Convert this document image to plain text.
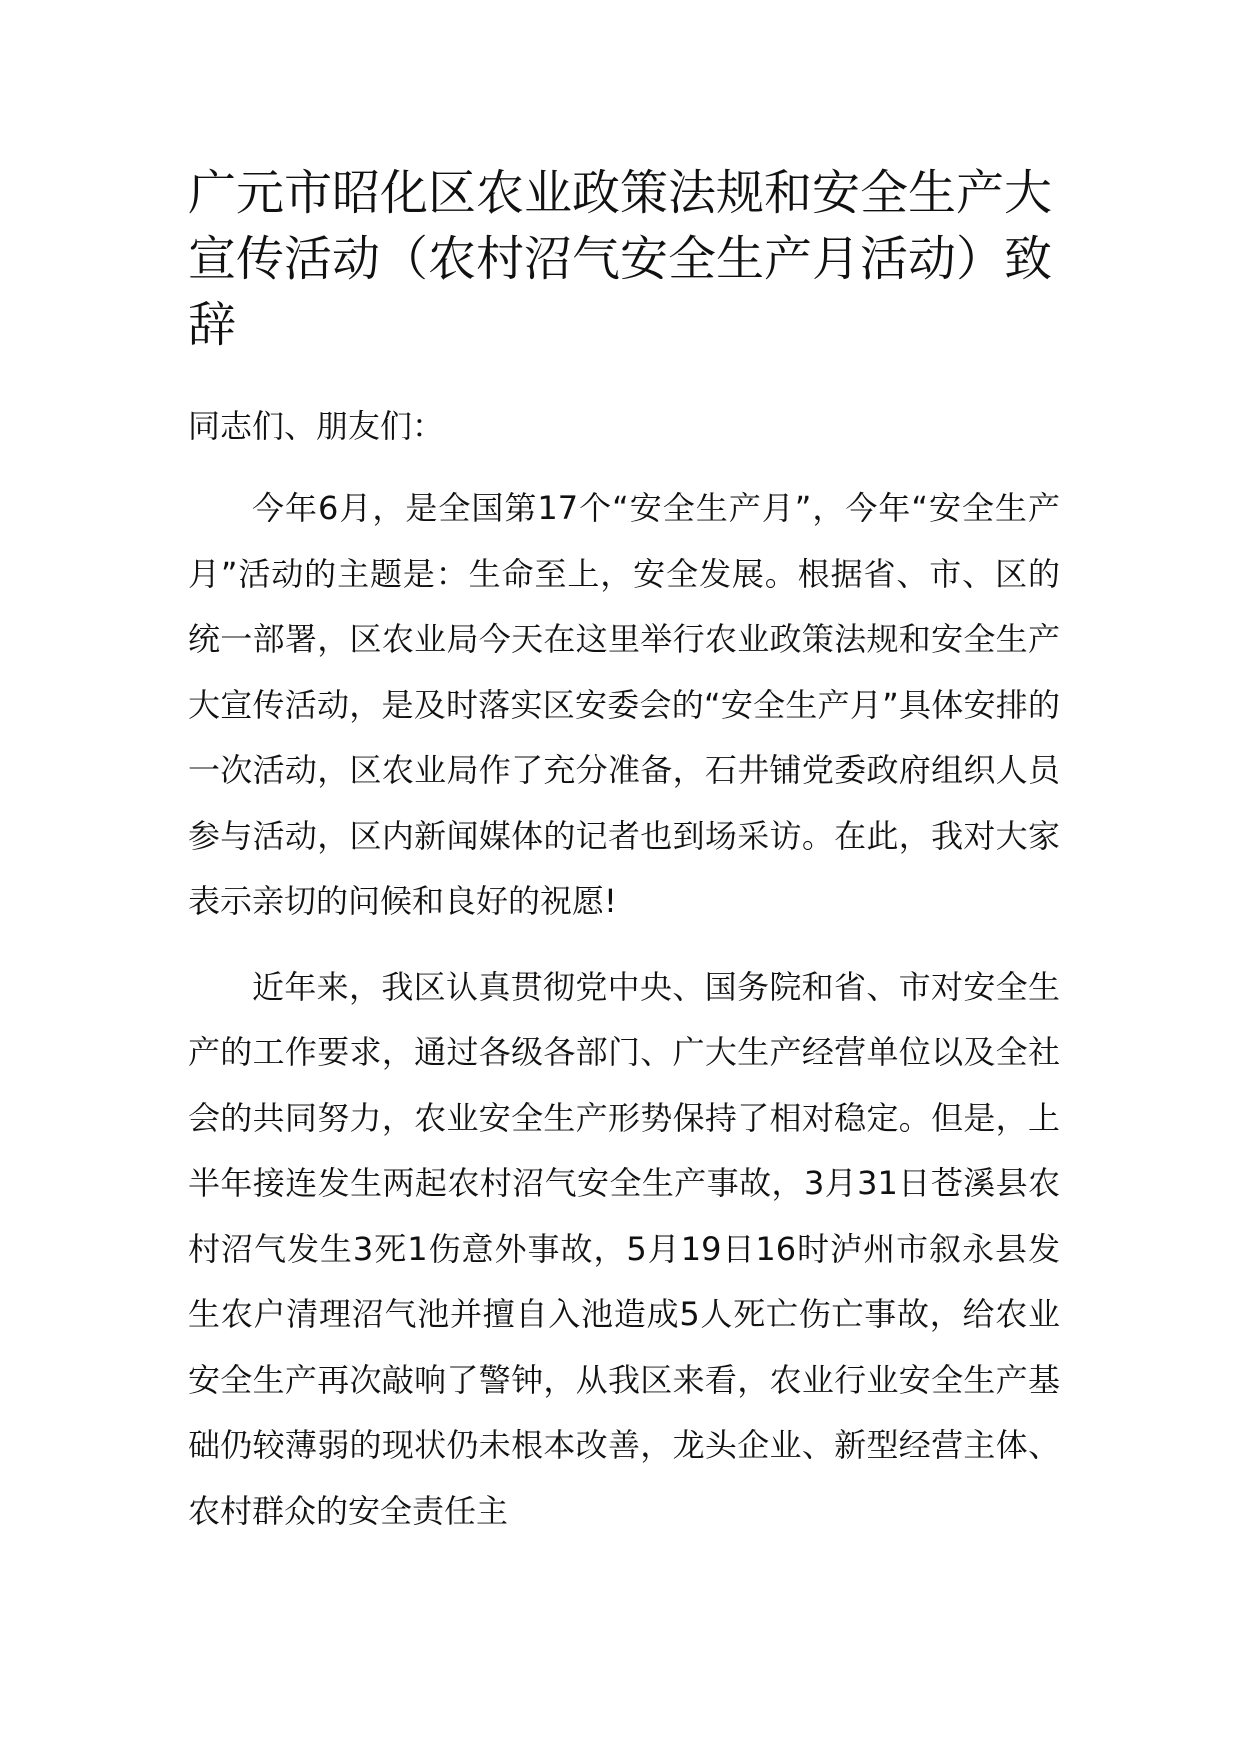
广元市昭化区农业政策法规和安全生产大宣传活动（农村沼气安全生产月活动）致辞

同志们、朋友们：

今年6月，是全国第17个“安全生产月”，今年“安全生产月”活动的主题是：生命至上，安全发展。根据省、市、区的统一部署，区农业局今天在这里举行农业政策法规和安全生产大宣传活动，是及时落实区安委会的“安全生产月”具体安排的一次活动，区农业局作了充分准备，石井铺党委政府组织人员参与活动，区内新闻媒体的记者也到场采访。在此，我对大家表示亲切的问候和良好的祝愿!

近年来，我区认真贯彻党中央、国务院和省、市对安全生产的工作要求，通过各级各部门、广大生产经营单位以及全社会的共同努力，农业安全生产形势保持了相对稳定。但是，上半年接连发生两起农村沼气安全生产事故，3月31日苍溪县农村沼气发生3死1伤意外事故，5月19日16时泸州市叙永县发生农户清理沼气池并擅自入池造成5人死亡伤亡事故，给农业安全生产再次敲响了警钟，从我区来看，农业行业安全生产基础仍较薄弱的现状仍未根本改善，龙头企业、新型经营主体、农村群众的安全责任主
